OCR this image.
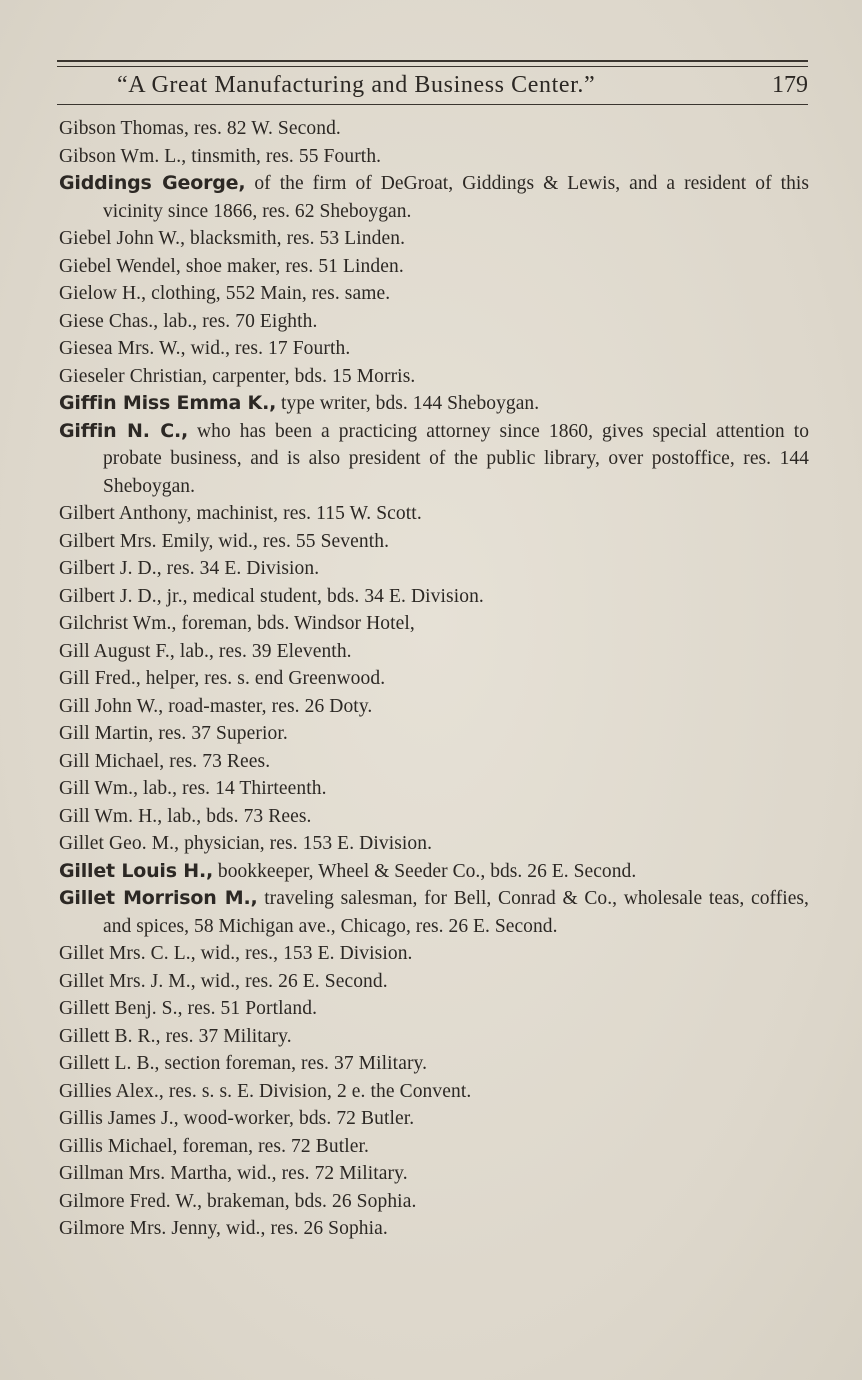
“A Great Manufacturing and Business Center.”	179
Gibson Thomas, res. 82 W. Second.
Gibson Wm. L., tinsmith, res. 55 Fourth.
Giddings George, of the firm of DeGroat, Giddings & Lewis, and a resident of this vicinity since 1866, res. 62 Sheboygan.
Giebel John W., blacksmith, res. 53 Linden.
Giebel Wendel, shoe maker, res. 51 Linden.
Gielow H., clothing, 552 Main, res. same.
Giese Chas., lab., res. 70 Eighth.
Giesea Mrs. W., wid., res. 17 Fourth.
Gieseler Christian, carpenter, bds. 15 Morris.
Giffin Miss Emma K., type writer, bds. 144 Sheboygan.
Giffin N. C., who has been a practicing attorney since 1860, gives special attention to probate business, and is also president of the public library, over postoffice, res. 144 Sheboygan.
Gilbert Anthony, machinist, res. 115 W. Scott.
Gilbert Mrs. Emily, wid., res. 55 Seventh.
Gilbert J. D., res. 34 E. Division.
Gilbert J. D., jr., medical student, bds. 34 E. Division.
Gilchrist Wm., foreman, bds. Windsor Hotel,
Gill August F., lab., res. 39 Eleventh.
Gill Fred., helper, res. s. end Greenwood.
Gill John W., road-master, res. 26 Doty.
Gill Martin, res. 37 Superior.
Gill Michael, res. 73 Rees.
Gill Wm., lab., res. 14 Thirteenth.
Gill Wm. H., lab., bds. 73 Rees.
Gillet Geo. M., physician, res. 153 E. Division.
Gillet Louis H., bookkeeper, Wheel & Seeder Co., bds. 26 E. Second.
Gillet Morrison M., traveling salesman, for Bell, Conrad & Co., wholesale teas, coffies, and spices, 58 Michigan ave., Chicago, res. 26 E. Second.
Gillet Mrs. C. L., wid., res., 153 E. Division.
Gillet Mrs. J. M., wid., res. 26 E. Second.
Gillett Benj. S., res. 51 Portland.
Gillett B. R., res. 37 Military.
Gillett L. B., section foreman, res. 37 Military.
Gillies Alex., res. s. s. E. Division, 2 e. the Convent.
Gillis James J., wood-worker, bds. 72 Butler.
Gillis Michael, foreman, res. 72 Butler.
Gillman Mrs. Martha, wid., res. 72 Military.
Gilmore Fred. W., brakeman, bds. 26 Sophia.
Gilmore Mrs. Jenny, wid., res. 26 Sophia.
